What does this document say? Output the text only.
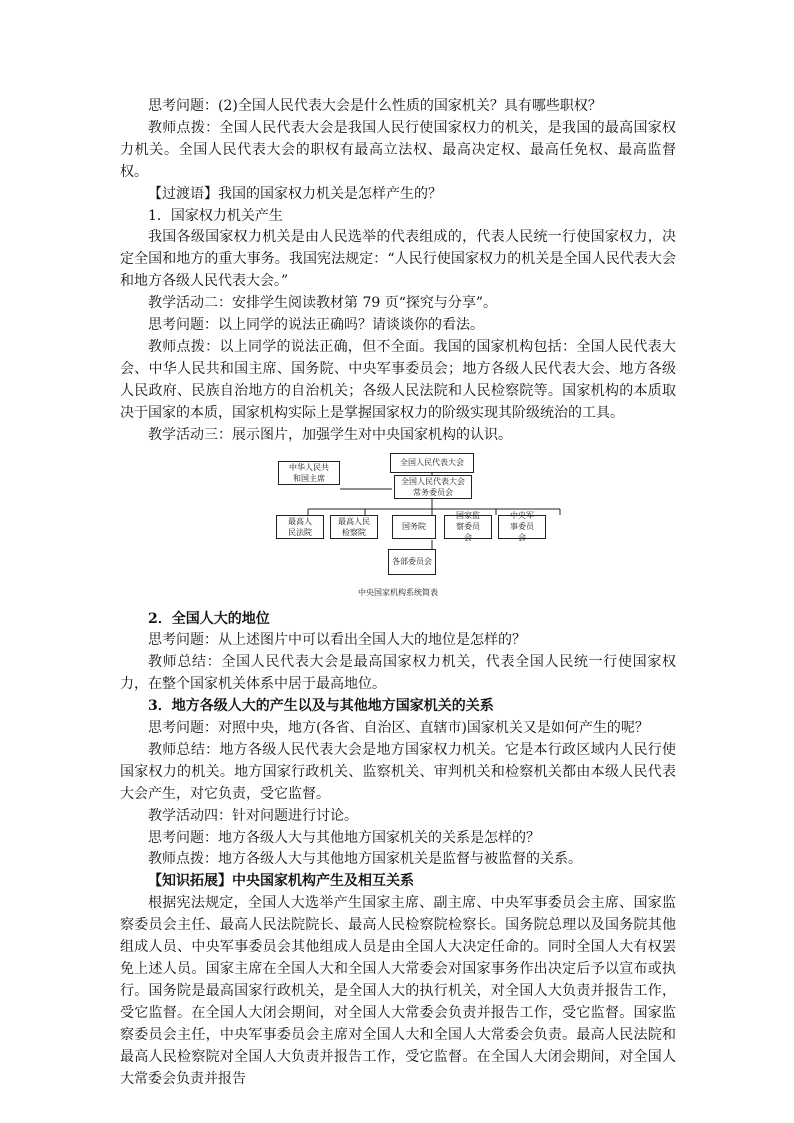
思考问题：(2)全国人民代表大会是什么性质的国家机关？具有哪些职权？

教师点拨：全国人民代表大会是我国人民行使国家权力的机关，是我国的最高国家权力机关。全国人民代表大会的职权有最高立法权、最高决定权、最高任免权、最高监督权。

【过渡语】我国的国家权力机关是怎样产生的？

1．国家权力机关产生

我国各级国家权力机关是由人民选举的代表组成的，代表人民统一行使国家权力，决定全国和地方的重大事务。我国宪法规定：“人民行使国家权力的机关是全国人民代表大会和地方各级人民代表大会。”

教学活动二：安排学生阅读教材第 79 页“探究与分享”。

思考问题：以上同学的说法正确吗？请谈谈你的看法。

教师点拨：以上同学的说法正确，但不全面。我国的国家机构包括：全国人民代表大会、中华人民共和国主席、国务院、中央军事委员会；地方各级人民代表大会、地方各级人民政府、民族自治地方的自治机关；各级人民法院和人民检察院等。国家机构的本质取决于国家的本质，国家机构实际上是掌握国家权力的阶级实现其阶级统治的工具。

教学活动三：展示图片，加强学生对中央国家机构的认识。

全国人民代表大会
全国人民代表大会常务委员会
中华人民共和国主席
最高人民法院
最高人民检察院
国务院
国家监察委员会
中央军事委员会
各部委员会
中央国家机构系统简表

2．全国人大的地位

思考问题：从上述图片中可以看出全国人大的地位是怎样的？

教师总结：全国人民代表大会是最高国家权力机关，代表全国人民统一行使国家权力，在整个国家机关体系中居于最高地位。

3．地方各级人大的产生以及与其他地方国家机关的关系

思考问题：对照中央，地方(各省、自治区、直辖市)国家机关又是如何产生的呢？

教师总结：地方各级人民代表大会是地方国家权力机关。它是本行政区域内人民行使国家权力的机关。地方国家行政机关、监察机关、审判机关和检察机关都由本级人民代表大会产生，对它负责，受它监督。

教学活动四：针对问题进行讨论。

思考问题：地方各级人大与其他地方国家机关的关系是怎样的？

教师点拨：地方各级人大与其他地方国家机关是监督与被监督的关系。

【知识拓展】中央国家机构产生及相互关系

根据宪法规定，全国人大选举产生国家主席、副主席、中央军事委员会主席、国家监察委员会主任、最高人民法院院长、最高人民检察院检察长。国务院总理以及国务院其他组成人员、中央军事委员会其他组成人员是由全国人大决定任命的。同时全国人大有权罢免上述人员。国家主席在全国人大和全国人大常委会对国家事务作出决定后予以宣布或执行。国务院是最高国家行政机关，是全国人大的执行机关，对全国人大负责并报告工作，受它监督。在全国人大闭会期间，对全国人大常委会负责并报告工作，受它监督。国家监察委员会主任，中央军事委员会主席对全国人大和全国人大常委会负责。最高人民法院和最高人民检察院对全国人大负责并报告工作，受它监督。在全国人大闭会期间，对全国人大常委会负责并报告
